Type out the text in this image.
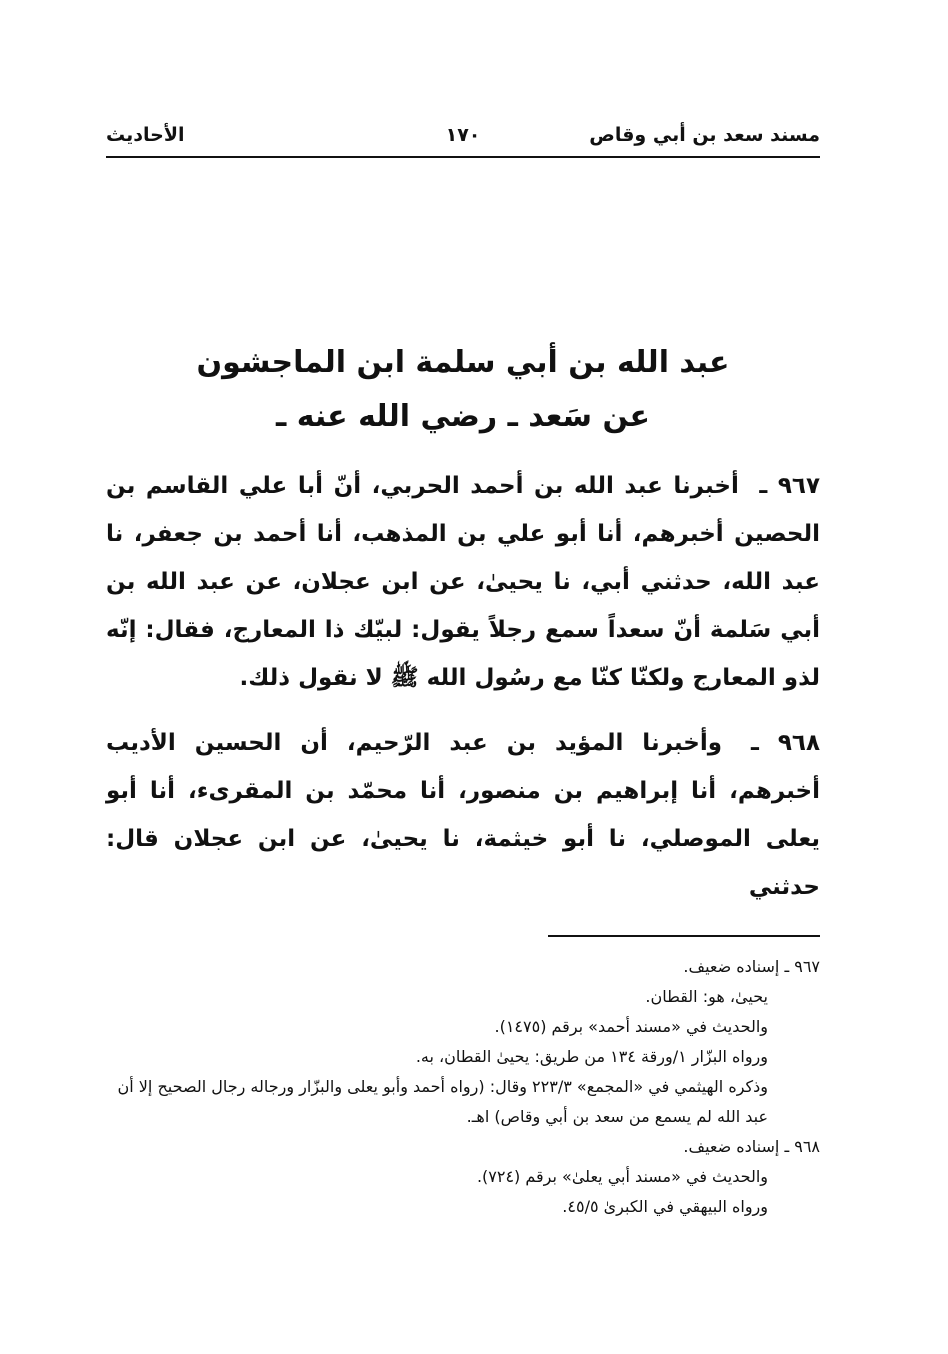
مسند سعد بن أبي وقاص
١٧٠
الأحاديث
عبد الله بن أبي سلمة ابن الماجشون
عن سَعد ـ رضي الله عنه ـ

٩٦٧ ـ أخبرنا عبد الله بن أحمد الحربي، أنّ أبا علي القاسم بن الحصين أخبرهم، أنا أبو علي بن المذهب، أنا أحمد بن جعفر، نا عبد الله، حدثني أبي، نا يحيىٰ، عن ابن عجلان، عن عبد الله بن أبي سَلمة أنّ سعداً سمع رجلاً يقول: لبيّك ذا المعارج، فقال: إنّه لذو المعارج ولكنّا كنّا مع رسُول الله ﷺ لا نقول ذلك.

٩٦٨ ـ وأخبرنا المؤيد بن عبد الرّحيم، أن الحسين الأديب أخبرهم، أنا إبراهيم بن منصور، أنا محمّد بن المقرىء، أنا أبو يعلى الموصلي، نا أبو خيثمة، نا يحيىٰ، عن ابن عجلان قال: حدثني

٩٦٧ ـ إسناده ضعيف.
يحيىٰ، هو: القطان.
والحديث في «مسند أحمد» برقم (١٤٧٥).
ورواه البزّار ١/ورقة ١٣٤ من طريق: يحيىٰ القطان، به.
وذكره الهيثمي في «المجمع» ٢٢٣/٣ وقال: (رواه أحمد وأبو يعلى والبزّار ورجاله رجال الصحيح إلا أن عبد الله لم يسمع من سعد بن أبي وقاص) اهـ.
٩٦٨ ـ إسناده ضعيف.
والحديث في «مسند أبي يعلىٰ» برقم (٧٢٤).
ورواه البيهقي في الكبرىٰ ٤٥/٥.
